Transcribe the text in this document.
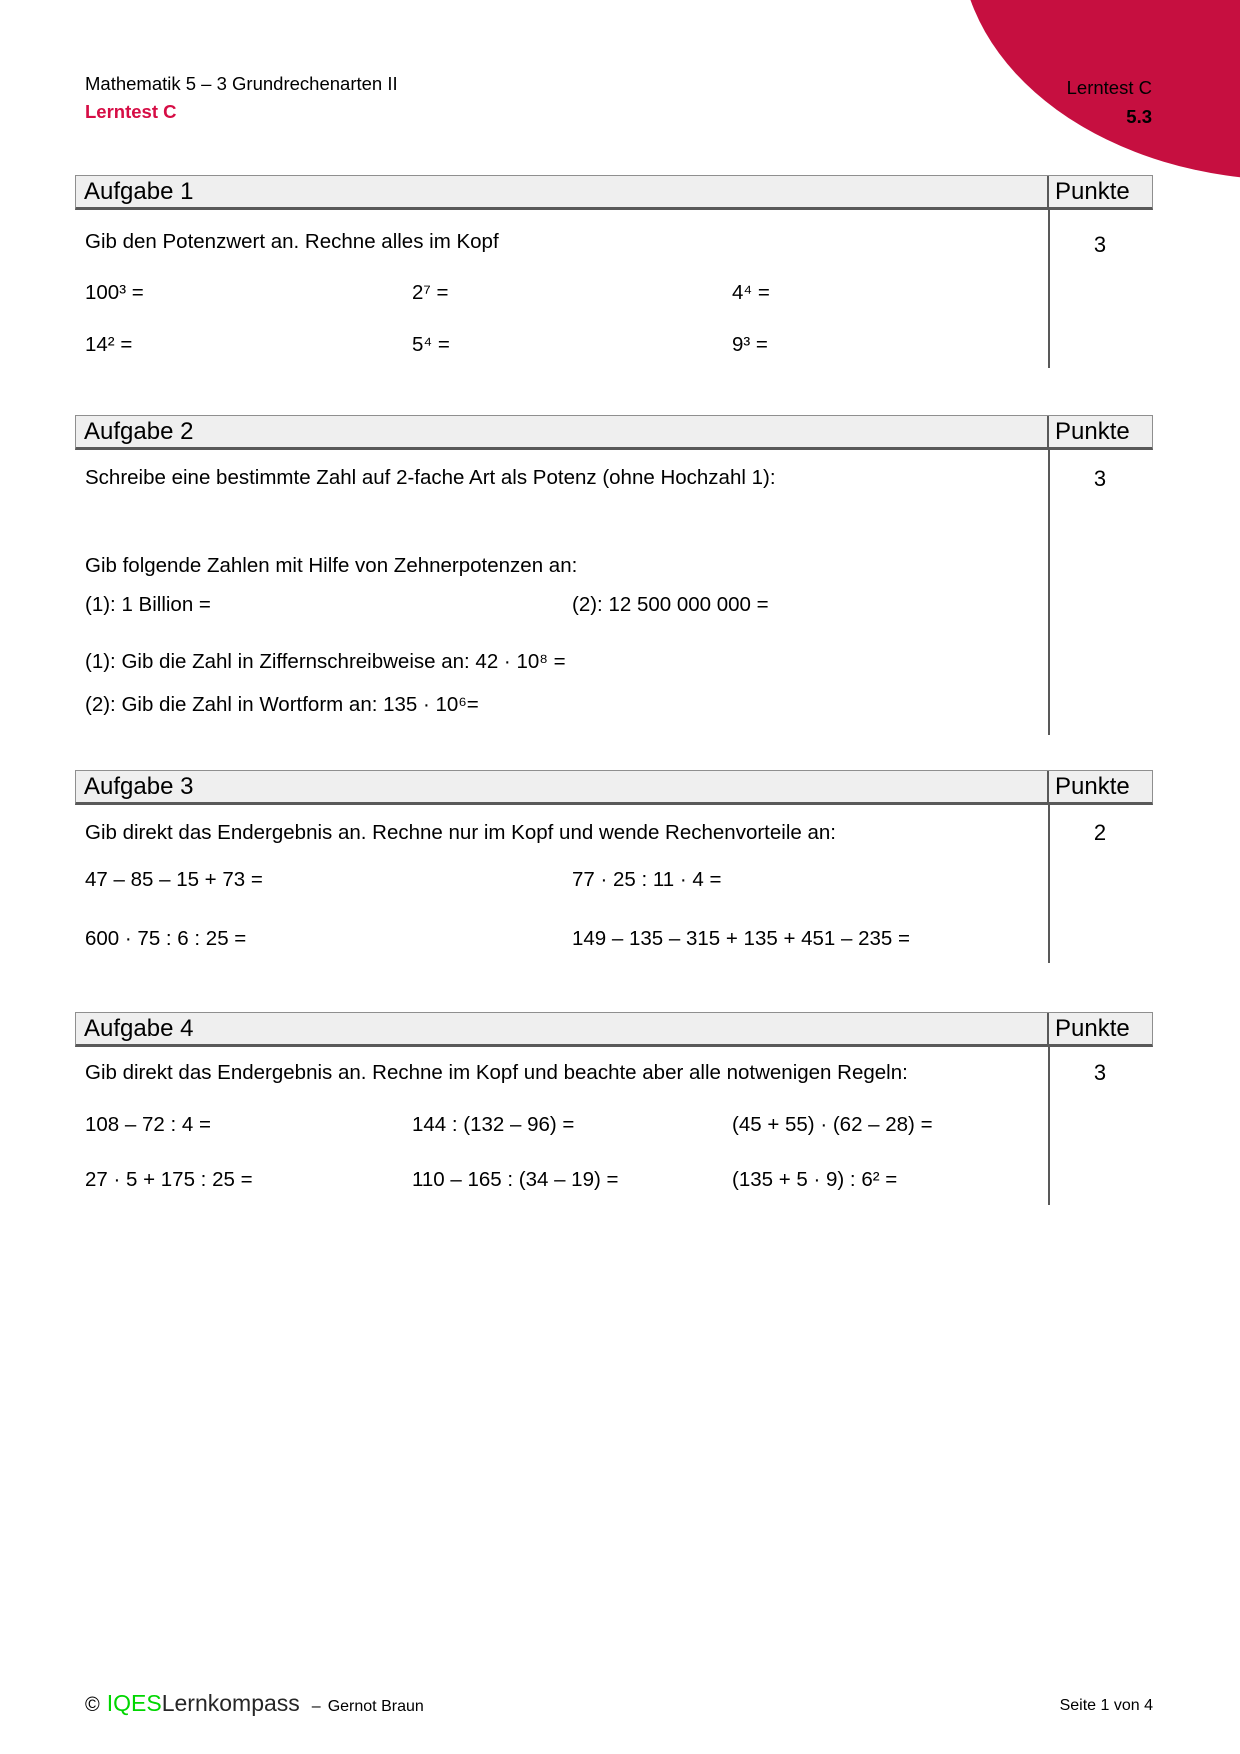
Lerntest C
5.3
Mathematik 5 – 3 Grundrechenarten II
Lerntest C
Aufgabe 1	Punkte
3
Gib den Potenzwert an. Rechne alles im Kopf
100³ =	2⁷ =	4⁴ =
14² =	5⁴ =	9³ =
Aufgabe 2	Punkte
3
Schreibe eine bestimmte Zahl auf 2-fache Art als Potenz (ohne Hochzahl 1):
Gib folgende Zahlen mit Hilfe von Zehnerpotenzen an:
(1): 1 Billion =	(2): 12 500 000 000 =
(1): Gib die Zahl in Ziffernschreibweise an: 42 · 10⁸ =
(2): Gib die Zahl in Wortform an: 135 · 10⁶=
Aufgabe 3	Punkte
2
Gib direkt das Endergebnis an. Rechne nur im Kopf und wende Rechenvorteile an:
47 – 85 – 15 + 73 =	77 · 25 : 11 · 4 =
600 · 75 : 6 : 25 =	149 – 135 – 315 + 135 + 451 – 235 =
Aufgabe 4	Punkte
3
Gib direkt das Endergebnis an. Rechne im Kopf und beachte aber alle notwenigen Regeln:
108 – 72 : 4 =	144 : (132 – 96) =	(45 + 55) · (62 – 28) =
27 · 5 + 175 : 25 =	110 – 165 : (34 – 19) =	(135 + 5 · 9) : 6² =
© IQES Lernkompass – Gernot Braun	Seite 1 von 4
